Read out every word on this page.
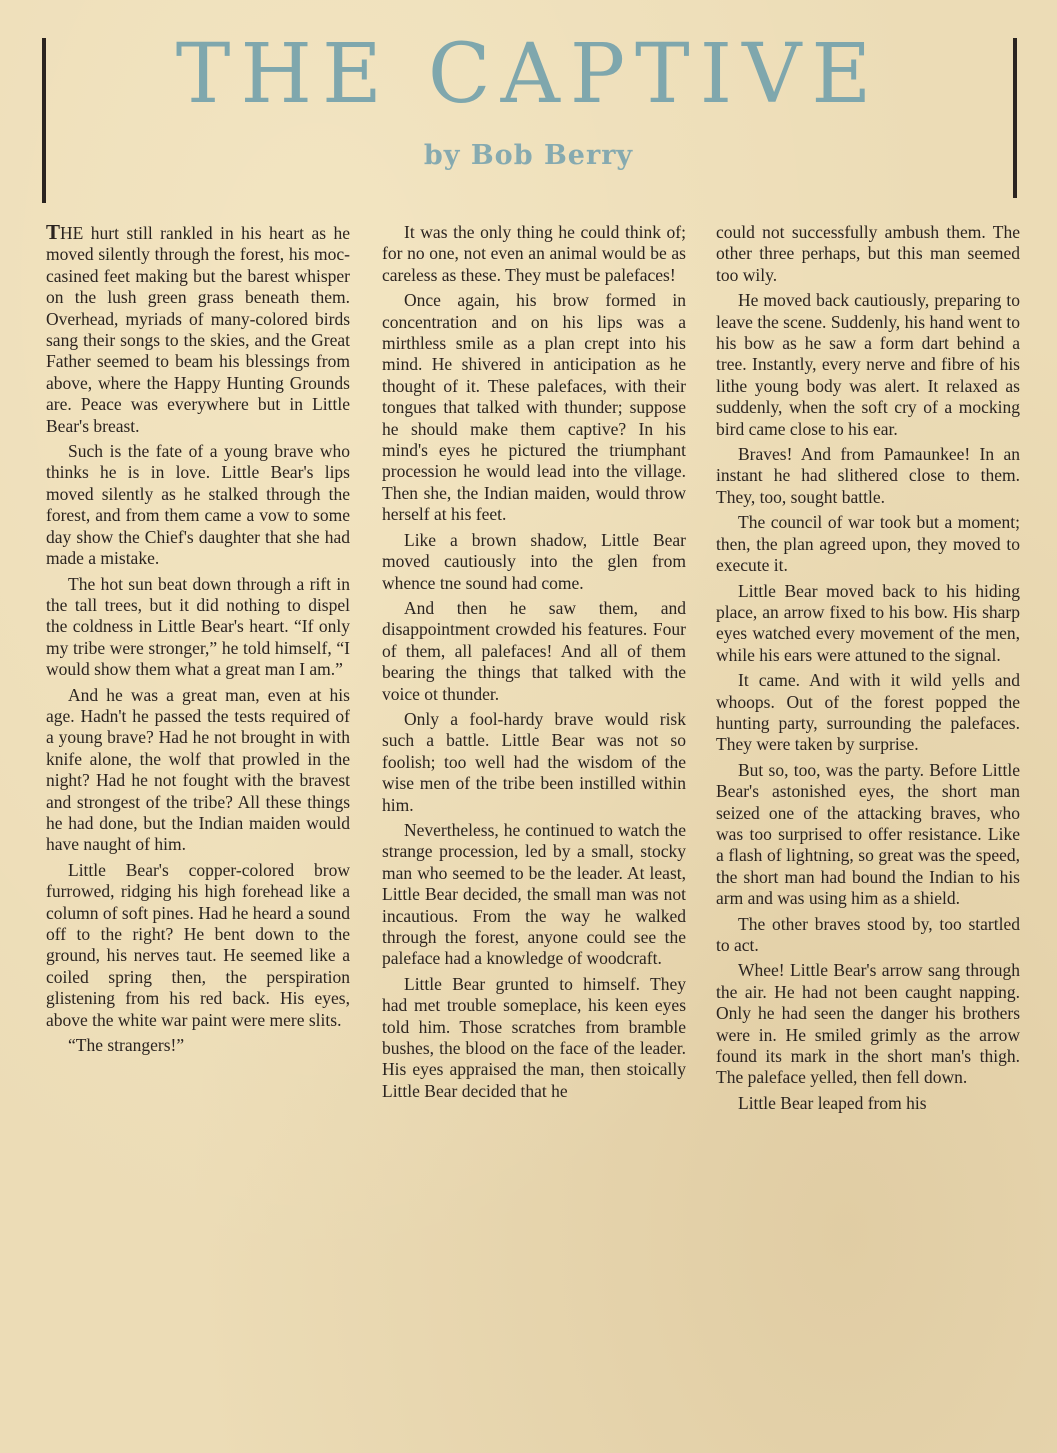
THE CAPTIVE
by Bob Berry

THE hurt still rankled in his heart as he moved silently through the forest, his moccasined feet making but the barest whisper on the lush green grass beneath them. Overhead, myriads of many-colored birds sang their songs to the skies, and the Great Father seemed to beam his blessings from above, where the Happy Hunting Grounds are. Peace was everywhere but in Little Bear's breast.

Such is the fate of a young brave who thinks he is in love. Little Bear's lips moved silently as he stalked through the forest, and from them came a vow to some day show the Chief's daughter that she had made a mistake.

The hot sun beat down through a rift in the tall trees, but it did nothing to dispel the coldness in Little Bear's heart. “If only my tribe were stronger,” he told himself, “I would show them what a great man I am.”

And he was a great man, even at his age. Hadn't he passed the tests required of a young brave? Had he not brought in with knife alone, the wolf that prowled in the night? Had he not fought with the bravest and strongest of the tribe? All these things he had done, but the Indian maiden would have naught of him.

Little Bear's copper-colored brow furrowed, ridging his high forehead like a column of soft pines. Had he heard a sound off to the right? He bent down to the ground, his nerves taut. He seemed like a coiled spring then, the perspiration glistening from his red back. His eyes, above the white war paint were mere slits.

“The strangers!”

It was the only thing he could think of; for no one, not even an animal would be as careless as these. They must be palefaces!

Once again, his brow formed in concentration and on his lips was a mirthless smile as a plan crept into his mind. He shivered in anticipation as he thought of it. These palefaces, with their tongues that talked with thunder; suppose he should make them captive? In his mind's eyes he pictured the triumphant procession he would lead into the village. Then she, the Indian maiden, would throw herself at his feet.

Like a brown shadow, Little Bear moved cautiously into the glen from whence tne sound had come.

And then he saw them, and disappointment crowded his features. Four of them, all palefaces! And all of them bearing the things that talked with the voice ot thunder.

Only a fool-hardy brave would risk such a battle. Little Bear was not so foolish; too well had the wisdom of the wise men of the tribe been instilled within him.

Nevertheless, he continued to watch the strange procession, led by a small, stocky man who seemed to be the leader. At least, Little Bear decided, the small man was not incautious. From the way he walked through the forest, anyone could see the paleface had a knowledge of woodcraft.

Little Bear grunted to himself. They had met trouble someplace, his keen eyes told him. Those scratches from bramble bushes, the blood on the face of the leader. His eyes appraised the man, then stoically Little Bear decided that he

could not successfully ambush them. The other three perhaps, but this man seemed too wily.

He moved back cautiously, preparing to leave the scene. Suddenly, his hand went to his bow as he saw a form dart behind a tree. Instantly, every nerve and fibre of his lithe young body was alert. It relaxed as suddenly, when the soft cry of a mocking bird came close to his ear.

Braves! And from Pamaunkee! In an instant he had slithered close to them. They, too, sought battle.

The council of war took but a moment; then, the plan agreed upon, they moved to execute it.

Little Bear moved back to his hiding place, an arrow fixed to his bow. His sharp eyes watched every movement of the men, while his ears were attuned to the signal.

It came. And with it wild yells and whoops. Out of the forest popped the hunting party, surrounding the palefaces. They were taken by surprise.

But so, too, was the party. Before Little Bear's astonished eyes, the short man seized one of the attacking braves, who was too surprised to offer resistance. Like a flash of lightning, so great was the speed, the short man had bound the Indian to his arm and was using him as a shield.

The other braves stood by, too startled to act.

Whee! Little Bear's arrow sang through the air. He had not been caught napping. Only he had seen the danger his brothers were in. He smiled grimly as the arrow found its mark in the short man's thigh. The paleface yelled, then fell down.

Little Bear leaped from his
